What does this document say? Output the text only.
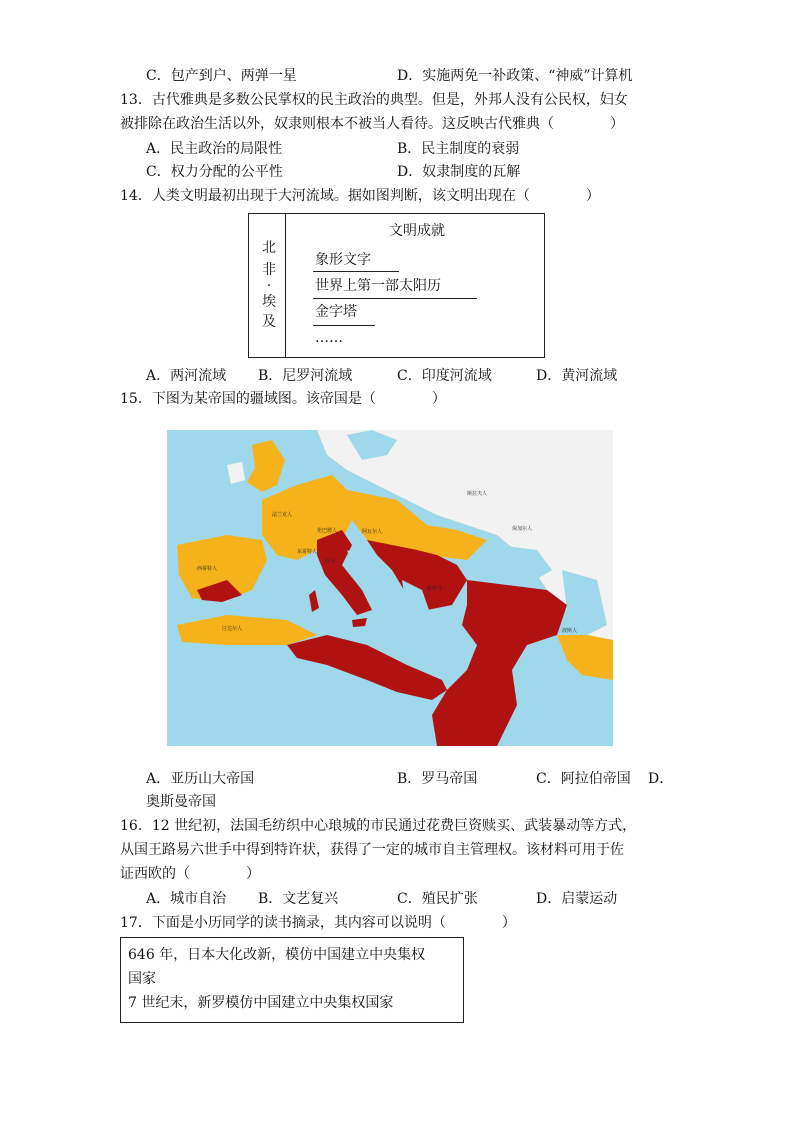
C．包产到户、两弹一星	D．实施两免一补政策、“神威”计算机
13．古代雅典是多数公民掌权的民主政治的典型。但是，外邦人没有公民权，妇女
被排除在政治生活以外，奴隶则根本不被当人看待。这反映古代雅典（　　　　）
A．民主政治的局限性	B．民主制度的衰弱
C．权力分配的公平性	D．奴隶制度的瓦解
14．人类文明最初出现于大河流域。据如图判断，该文明出现在（　　　　）
北
非
·
埃
及
文明成就
象形文字
世界上第一部太阳历
金字塔
……
A．两河流域 B．尼罗河流域	C．印度河流域	D．黄河流域
15．下图为某帝国的疆域图。该帝国是（　　　　）
斯拉夫人
法兰克人
伦巴德人	阿瓦尔人	保加尔人
西哥特人
东哥特人
罗马
新罗马
汪达尔人	波斯人
A．亚历山大帝国	B．罗马帝国	C．阿拉伯帝国 D．
奥斯曼帝国
16．12 世纪初，法国毛纺织中心琅城的市民通过花费巨资赎买、武装暴动等方式，
从国王路易六世手中得到特许状，获得了一定的城市自主管理权。该材料可用于佐
证西欧的（　　　　）
A．城市自治 B．文艺复兴	C．殖民扩张	D．启蒙运动
17．下面是小历同学的读书摘录，其内容可以说明（　　　　）
646 年，日本大化改新，模仿中国建立中央集权
国家
7 世纪末，新罗模仿中国建立中央集权国家
